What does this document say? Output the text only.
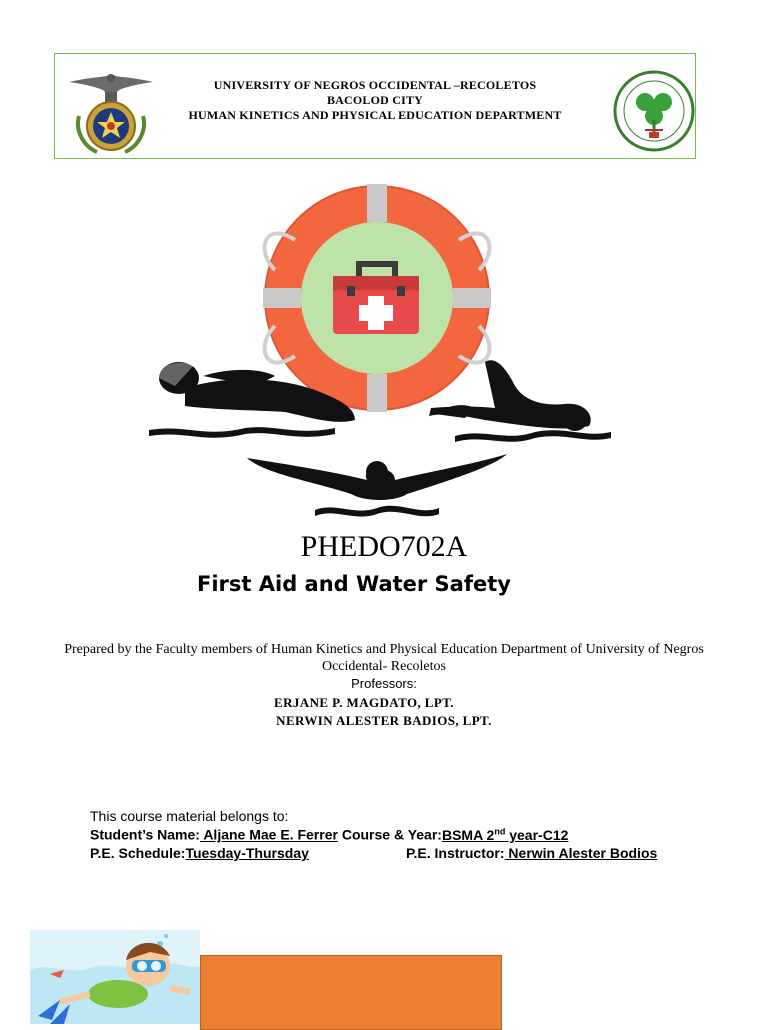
UNIVERSITY OF NEGROS OCCIDENTAL –RECOLETOS
BACOLOD CITY
HUMAN KINETICS AND PHYSICAL EDUCATION DEPARTMENT
PHEDO702A
First Aid and Water Safety
Prepared by the Faculty members of Human Kinetics and Physical Education Department of University of Negros Occidental- Recoletos
Professors:
ERJANE P. MAGDATO, LPT.
NERWIN ALESTER BADIOS, LPT.
This course material belongs to:
Student’s Name: Aljane Mae E. Ferrer Course & Year:BSMA 2nd year-C12
P.E. Schedule:Tuesday-Thursday	P.E. Instructor: Nerwin Alester Bodios
